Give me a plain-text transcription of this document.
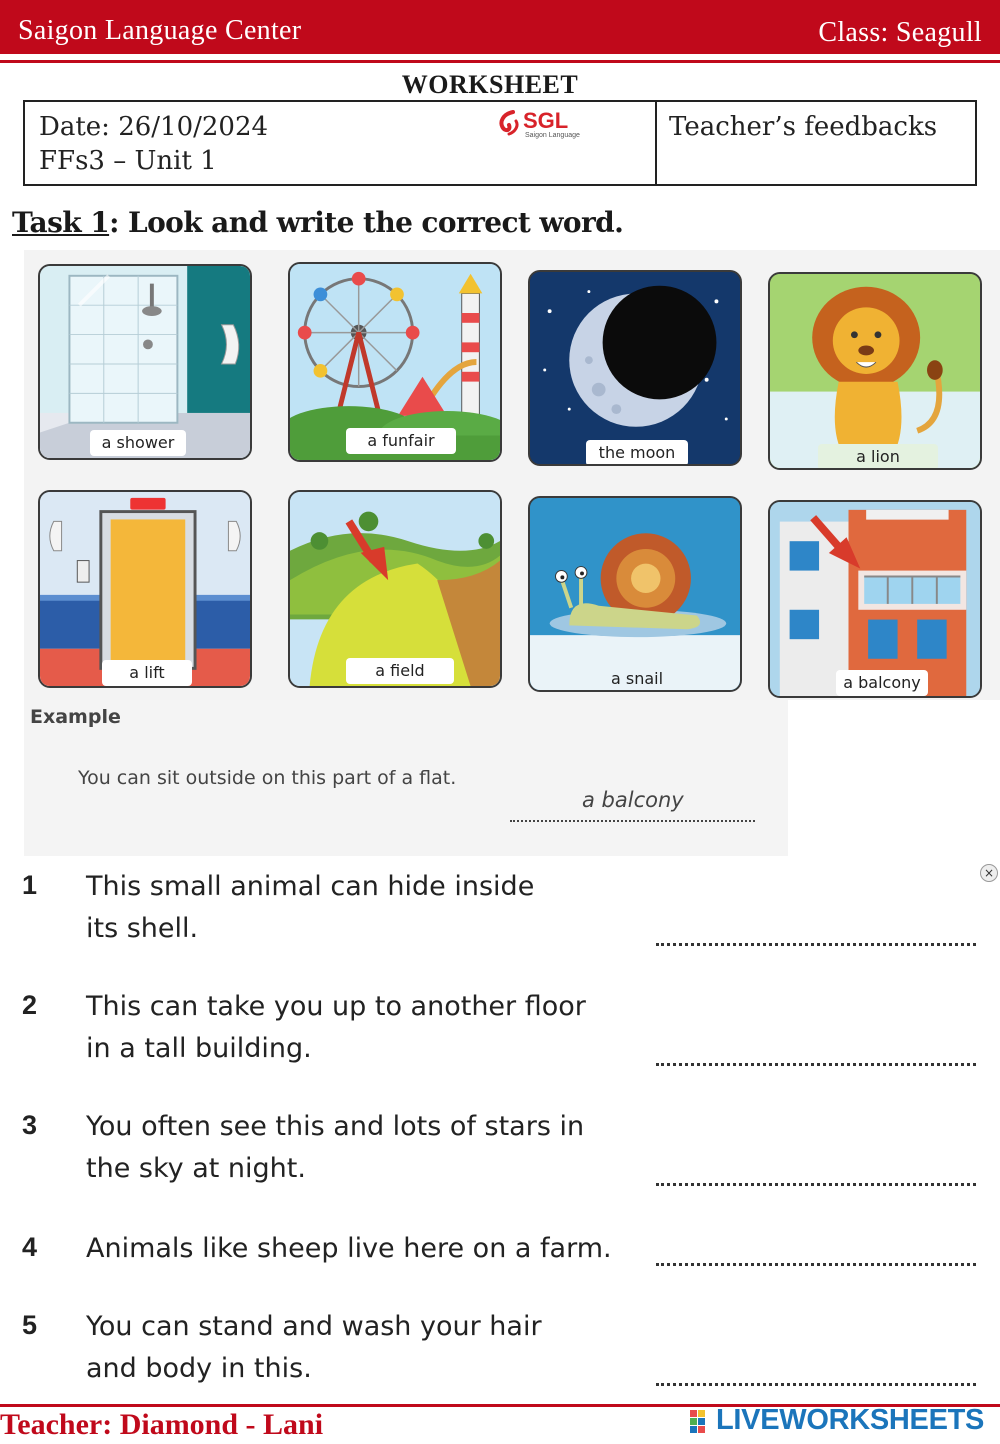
Saigon Language Center	Class: Seagull
WORKSHEET
Date: 26/10/2024
FFs3 – Unit 1
SGL
Saigon Language	Teacher’s feedbacks
Task 1: Look and write the correct word.
a shower	a funfair
the moon	a lion
a lift	a field	a snail	a balcony
Example
You can sit outside on this part of a flat.
a balcony
×
1 This small animal can hide inside its shell.
2 This can take you up to another floor in a tall building.
3 You often see this and lots of stars in the sky at night.
4 Animals like sheep live here on a farm.
5 You can stand and wash your hair and body in this.
Teacher: Diamond - Lani	LIVEWORKSHEETS
